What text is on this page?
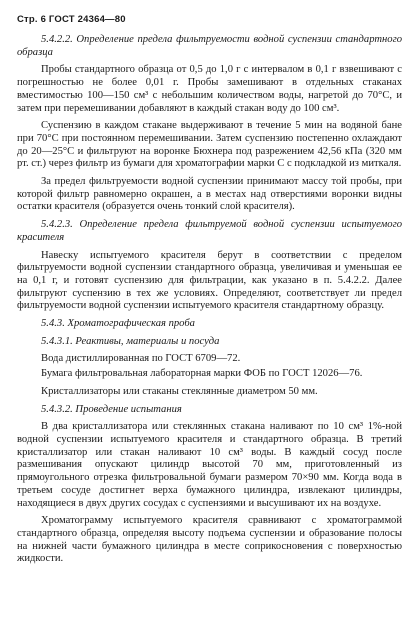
Стр. 6 ГОСТ 24364—80

5.4.2.2. Определение предела фильтруемости водной суспензии стандартного образца

Пробы стандартного образца от 0,5 до 1,0 г с интервалом в 0,1 г взвешивают с погрешностью не более 0,01 г. Пробы замешивают в отдельных стаканах вместимостью 100—150 см³ с небольшим количеством воды, нагретой до 70°С, и затем при перемешивании добавляют в каждый стакан воду до 100 см³.

Суспензию в каждом стакане выдерживают в течение 5 мин на водяной бане при 70°С при постоянном перемешивании. Затем суспензию постепенно охлаждают до 20—25°С и фильтруют на воронке Бюхнера под разрежением 42,56 кПа (320 мм рт. ст.) через фильтр из бумаги для хроматографии марки С с подкладкой из миткаля.

За предел фильтруемости водной суспензии принимают массу той пробы, при которой фильтр равномерно окрашен, а в местах над отверстиями воронки видны остатки красителя (образуется очень тонкий слой красителя).

5.4.2.3. Определение предела фильтруемой водной суспензии испытуемого красителя

Навеску испытуемого красителя берут в соответствии с пределом фильтруемости водной суспензии стандартного образца, увеличивая и уменьшая ее на 0,1 г, и готовят суспензию для фильтрации, как указано в п. 5.4.2.2. Далее фильтруют суспензию в тех же условиях. Определяют, соответствует ли предел фильтруемости водной суспензии испытуемого красителя стандартному образцу.

5.4.3. Хроматографическая проба

5.4.3.1. Реактивы, материалы и посуда

Вода дистиллированная по ГОСТ 6709—72.

Бумага фильтровальная лабораторная марки ФОБ по ГОСТ 12026—76.

Кристаллизаторы или стаканы стеклянные диаметром 50 мм.

5.4.3.2. Проведение испытания

В два кристаллизатора или стеклянных стакана наливают по 10 см³ 1%-ной водной суспензии испытуемого красителя и стандартного образца. В третий кристаллизатор или стакан наливают 10 см³ воды. В каждый сосуд после размешивания опускают цилиндр высотой 70 мм, приготовленный из прямоугольного отрезка фильтровальной бумаги размером 70×90 мм. Когда вода в третьем сосуде достигнет верха бумажного цилиндра, извлекают цилиндры, находящиеся в двух других сосудах с суспензиями и высушивают их на воздухе.

Хроматограмму испытуемого красителя сравнивают с хроматограммой стандартного образца, определяя высоту подъема суспензии и образование полосы на нижней части бумажного цилиндра в месте соприкосновения с поверхностью жидкости.
